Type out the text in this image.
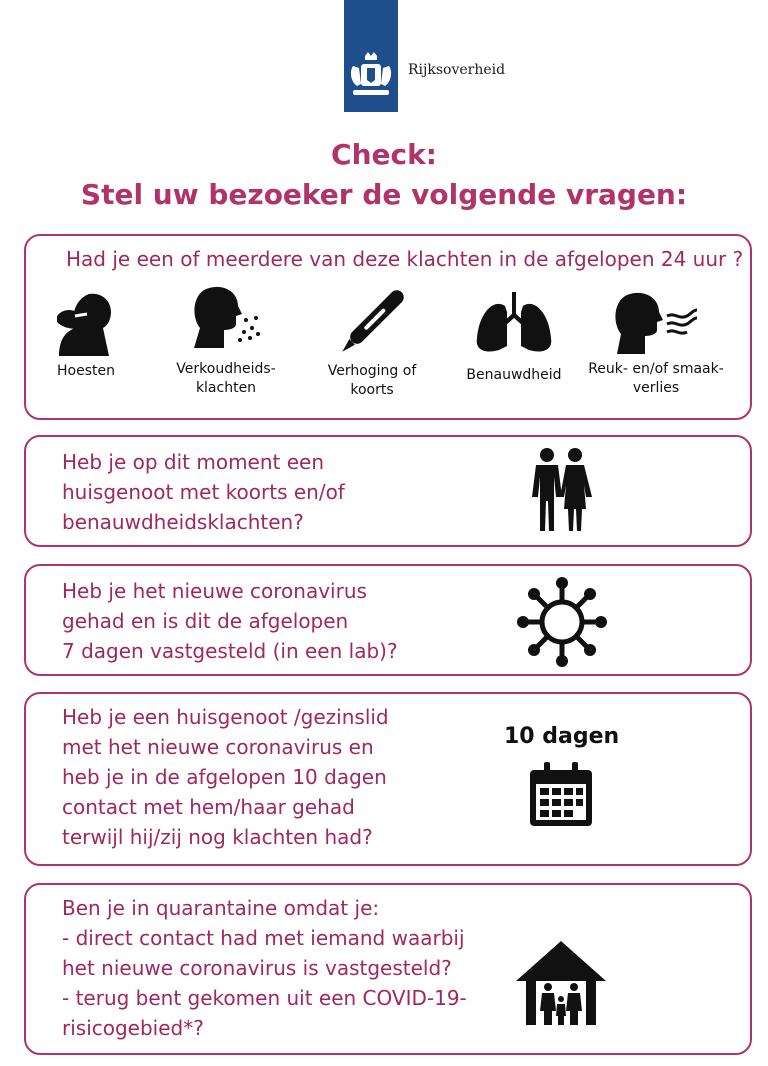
Rijksoverheid
Check:
Stel uw bezoeker de volgende vragen:
Had je een of meerdere van deze klachten in de afgelopen 24 uur ?
Hoesten	Verkoudheids-
klachten
Verhoging of
koorts
Benauwdheid	Reuk- en/of smaak-
verlies
Heb je op dit moment een
huisgenoot met koorts en/of
benauwdheidsklachten?
Heb je het nieuwe coronavirus
gehad en is dit de afgelopen
7 dagen vastgesteld (in een lab)?
Heb je een huisgenoot /gezinslid
met het nieuwe coronavirus en
heb je in de afgelopen 10 dagen
contact met hem/haar gehad
terwijl hij/zij nog klachten had?
10 dagen
Ben je in quarantaine omdat je:
- direct contact had met iemand waarbij
het nieuwe coronavirus is vastgesteld?
- terug bent gekomen uit een COVID-19-
risicogebied*?
